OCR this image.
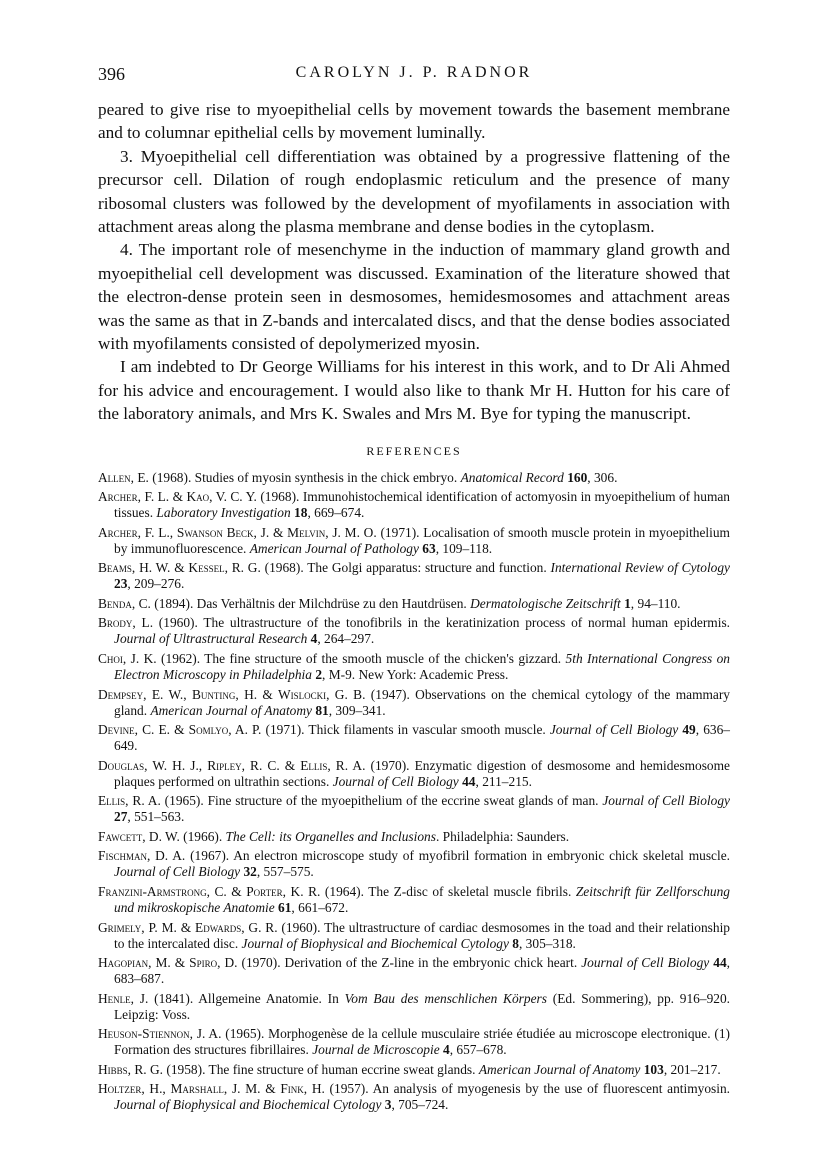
396	CAROLYN J. P. RADNOR

peared to give rise to myoepithelial cells by movement towards the basement membrane and to columnar epithelial cells by movement luminally.

3. Myoepithelial cell differentiation was obtained by a progressive flattening of the precursor cell. Dilation of rough endoplasmic reticulum and the presence of many ribosomal clusters was followed by the development of myofilaments in association with attachment areas along the plasma membrane and dense bodies in the cytoplasm.

4. The important role of mesenchyme in the induction of mammary gland growth and myoepithelial cell development was discussed. Examination of the literature showed that the electron-dense protein seen in desmosomes, hemidesmosomes and attachment areas was the same as that in Z-bands and intercalated discs, and that the dense bodies associated with myofilaments consisted of depolymerized myosin.

I am indebted to Dr George Williams for his interest in this work, and to Dr Ali Ahmed for his advice and encouragement. I would also like to thank Mr H. Hutton for his care of the laboratory animals, and Mrs K. Swales and Mrs M. Bye for typing the manuscript.

REFERENCES

Allen, E. (1968). Studies of myosin synthesis in the chick embryo. Anatomical Record 160, 306.

Archer, F. L. & Kao, V. C. Y. (1968). Immunohistochemical identification of actomyosin in myoepithelium of human tissues. Laboratory Investigation 18, 669–674.

Archer, F. L., Swanson Beck, J. & Melvin, J. M. O. (1971). Localisation of smooth muscle protein in myoepithelium by immunofluorescence. American Journal of Pathology 63, 109–118.

Beams, H. W. & Kessel, R. G. (1968). The Golgi apparatus: structure and function. International Review of Cytology 23, 209–276.

Benda, C. (1894). Das Verhältnis der Milchdrüse zu den Hautdrüsen. Dermatologische Zeitschrift 1, 94–110.

Brody, L. (1960). The ultrastructure of the tonofibrils in the keratinization process of normal human epidermis. Journal of Ultrastructural Research 4, 264–297.

Choi, J. K. (1962). The fine structure of the smooth muscle of the chicken's gizzard. 5th International Congress on Electron Microscopy in Philadelphia 2, M-9. New York: Academic Press.

Dempsey, E. W., Bunting, H. & Wislocki, G. B. (1947). Observations on the chemical cytology of the mammary gland. American Journal of Anatomy 81, 309–341.

Devine, C. E. & Somlyo, A. P. (1971). Thick filaments in vascular smooth muscle. Journal of Cell Biology 49, 636–649.

Douglas, W. H. J., Ripley, R. C. & Ellis, R. A. (1970). Enzymatic digestion of desmosome and hemidesmosome plaques performed on ultrathin sections. Journal of Cell Biology 44, 211–215.

Ellis, R. A. (1965). Fine structure of the myoepithelium of the eccrine sweat glands of man. Journal of Cell Biology 27, 551–563.

Fawcett, D. W. (1966). The Cell: its Organelles and Inclusions. Philadelphia: Saunders.

Fischman, D. A. (1967). An electron microscope study of myofibril formation in embryonic chick skeletal muscle. Journal of Cell Biology 32, 557–575.

Franzini-Armstrong, C. & Porter, K. R. (1964). The Z-disc of skeletal muscle fibrils. Zeitschrift für Zellforschung und mikroskopische Anatomie 61, 661–672.

Grimely, P. M. & Edwards, G. R. (1960). The ultrastructure of cardiac desmosomes in the toad and their relationship to the intercalated disc. Journal of Biophysical and Biochemical Cytology 8, 305–318.

Hagopian, M. & Spiro, D. (1970). Derivation of the Z-line in the embryonic chick heart. Journal of Cell Biology 44, 683–687.

Henle, J. (1841). Allgemeine Anatomie. In Vom Bau des menschlichen Körpers (Ed. Sommering), pp. 916–920. Leipzig: Voss.

Heuson-Stiennon, J. A. (1965). Morphogenèse de la cellule musculaire striée étudiée au microscope electronique. (1) Formation des structures fibrillaires. Journal de Microscopie 4, 657–678.

Hibbs, R. G. (1958). The fine structure of human eccrine sweat glands. American Journal of Anatomy 103, 201–217.

Holtzer, H., Marshall, J. M. & Fink, H. (1957). An analysis of myogenesis by the use of fluorescent antimyosin. Journal of Biophysical and Biochemical Cytology 3, 705–724.
